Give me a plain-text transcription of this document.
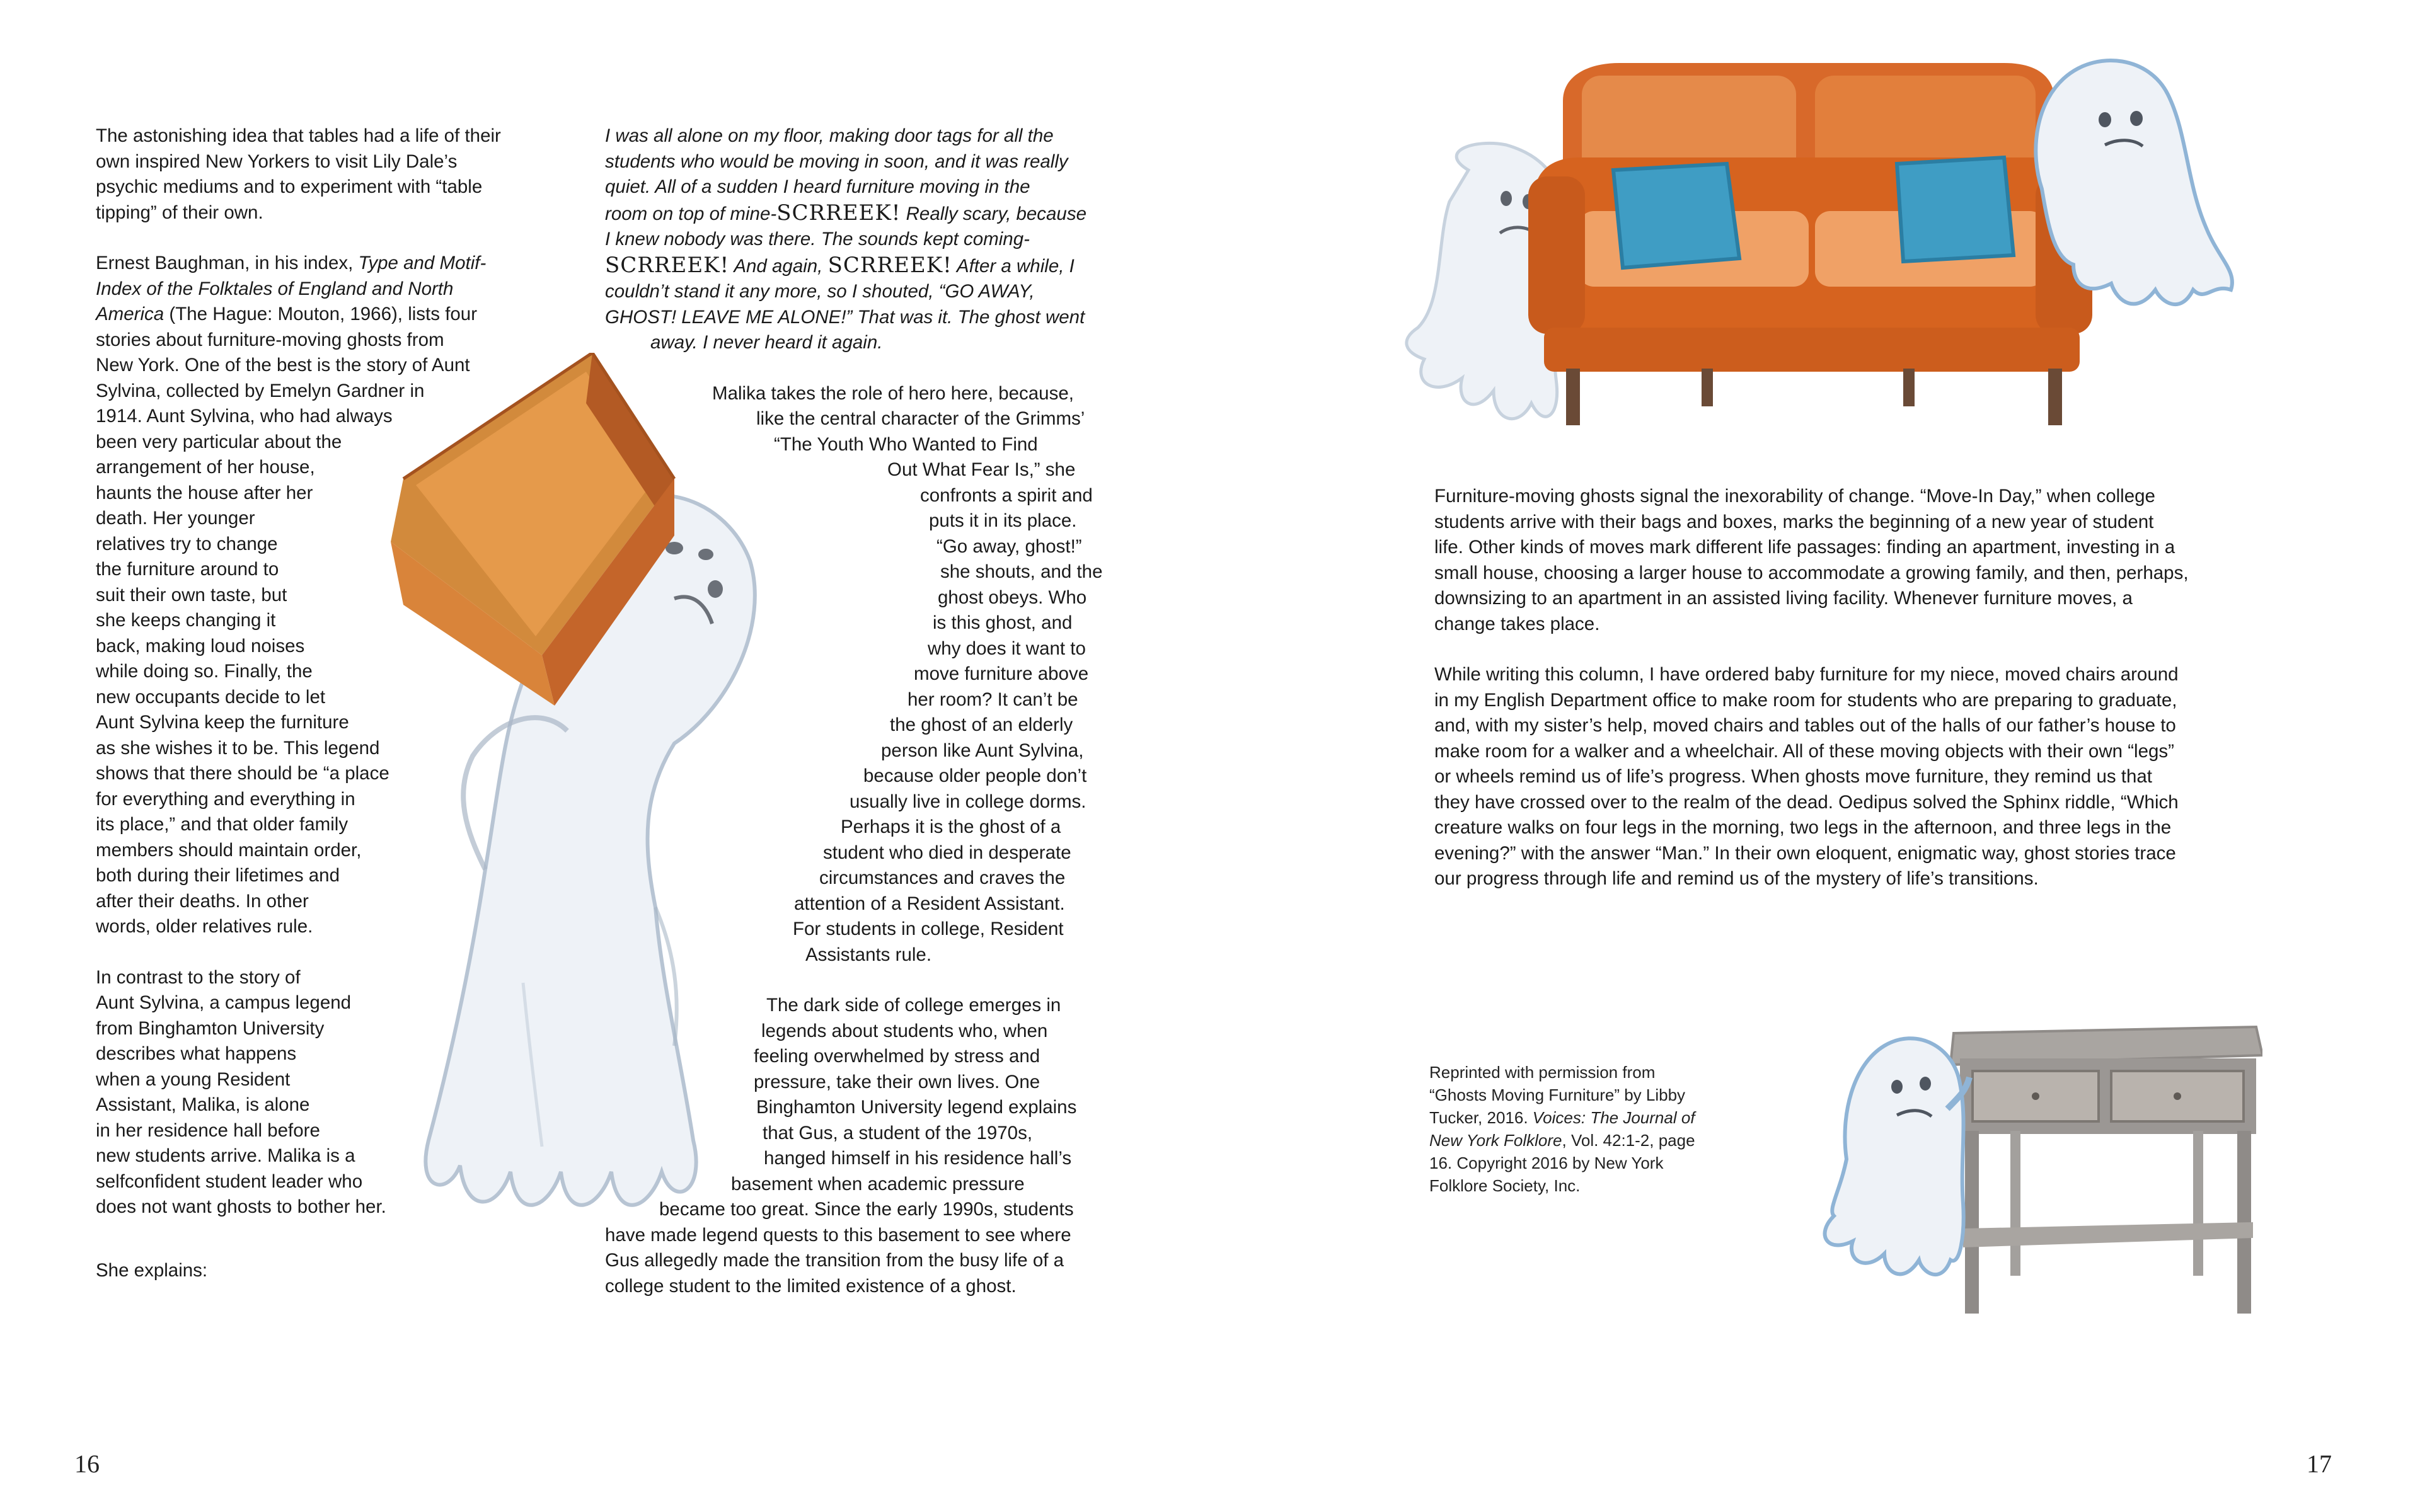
The astonishing idea that tables had a life of their
own inspired New Yorkers to visit Lily Dale’s
psychic mediums and to experiment with “table
tipping” of their own.

Ernest Baughman, in his index, Type and Motif-
Index of the Folktales of England and North
America (The Hague: Mouton, 1966), lists four
stories about furniture-moving ghosts from
New York. One of the best is the story of Aunt
Sylvina, collected by Emelyn Gardner in
1914. Aunt Sylvina, who had always
been very particular about the
arrangement of her house,
haunts the house after her
death. Her younger
relatives try to change
the furniture around to
suit their own taste, but
she keeps changing it
back, making loud noises
while doing so. Finally, the
new occupants decide to let
Aunt Sylvina keep the furniture
as she wishes it to be. This legend
shows that there should be “a place
for everything and everything in
its place,” and that older family
members should maintain order,
both during their lifetimes and
after their deaths. In other
words, older relatives rule.

In contrast to the story of
Aunt Sylvina, a campus legend
from Binghamton University
describes what happens
when a young Resident
Assistant, Malika, is alone
in her residence hall before
new students arrive. Malika is a
selfconfident student leader who
does not want ghosts to bother her.

She explains:

I was all alone on my floor, making door tags for all the
students who would be moving in soon, and it was really
quiet. All of a sudden I heard furniture moving in the
room on top of mine-SCRREEK! Really scary, because
I knew nobody was there. The sounds kept coming-
SCRREEK! And again, SCRREEK! After a while, I
couldn’t stand it any more, so I shouted, “GO AWAY,
GHOST! LEAVE ME ALONE!” That was it. The ghost went
away. I never heard it again.

Malika takes the role of hero here, because,
like the central character of the Grimms’
“The Youth Who Wanted to Find
Out What Fear Is,” she
confronts a spirit and
puts it in its place.
“Go away, ghost!”
she shouts, and the
ghost obeys. Who
is this ghost, and
why does it want to
move furniture above
her room? It can’t be
the ghost of an elderly
person like Aunt Sylvina,
because older people don’t
usually live in college dorms.
Perhaps it is the ghost of a
student who died in desperate
circumstances and craves the
attention of a Resident Assistant.
For students in college, Resident
Assistants rule.

The dark side of college emerges in
legends about students who, when
feeling overwhelmed by stress and
pressure, take their own lives. One
Binghamton University legend explains
that Gus, a student of the 1970s,
hanged himself in his residence hall’s
basement when academic pressure
became too great. Since the early 1990s, students
have made legend quests to this basement to see where
Gus allegedly made the transition from the busy life of a
college student to the limited existence of a ghost.

16

Furniture-moving ghosts signal the inexorability of change. “Move-In Day,” when college
students arrive with their bags and boxes, marks the beginning of a new year of student
life. Other kinds of moves mark different life passages: finding an apartment, investing in a
small house, choosing a larger house to accommodate a growing family, and then, perhaps,
downsizing to an apartment in an assisted living facility. Whenever furniture moves, a
change takes place.

While writing this column, I have ordered baby furniture for my niece, moved chairs around
in my English Department office to make room for students who are preparing to graduate,
and, with my sister’s help, moved chairs and tables out of the halls of our father’s house to
make room for a walker and a wheelchair. All of these moving objects with their own “legs”
or wheels remind us of life’s progress. When ghosts move furniture, they remind us that
they have crossed over to the realm of the dead. Oedipus solved the Sphinx riddle, “Which
creature walks on four legs in the morning, two legs in the afternoon, and three legs in the
evening?” with the answer “Man.” In their own eloquent, enigmatic way, ghost stories trace
our progress through life and remind us of the mystery of life’s transitions.

Reprinted with permission from
“Ghosts Moving Furniture” by Libby
Tucker, 2016. Voices: The Journal of
New York Folklore, Vol. 42:1-2, page
16. Copyright 2016 by New York
Folklore Society, Inc.
17
